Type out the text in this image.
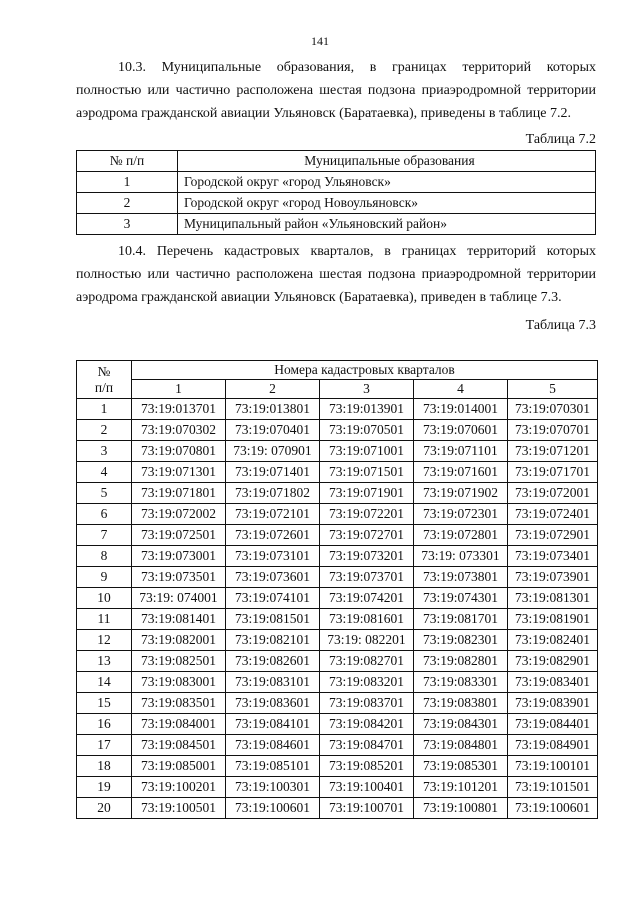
141
10.3. Муниципальные образования, в границах территорий которых
полностью или частично расположена шестая подзона приаэродромной территории
аэродрома гражданской авиации Ульяновск (Баратаевка), приведены в таблице 7.2.
Таблица 7.2
№ п/п	Муниципальные образования
1	Городской округ «город Ульяновск»
2	Городской округ «город Новоульяновск»
3	Муниципальный район «Ульяновский район»
10.4. Перечень кадастровых кварталов, в границах территорий которых
полностью или частично расположена шестая подзона приаэродромной территории
аэродрома гражданской авиации Ульяновск (Баратаевка), приведен в таблице 7.3.
Таблица 7.3
№
п/п	Номера кадастровых кварталов				
	1	2	3	4	5
1	73:19:013701	73:19:013801	73:19:013901	73:19:014001	73:19:070301
2	73:19:070302	73:19:070401	73:19:070501	73:19:070601	73:19:070701
3	73:19:070801	73:19: 070901	73:19:071001	73:19:071101	73:19:071201
4	73:19:071301	73:19:071401	73:19:071501	73:19:071601	73:19:071701
5	73:19:071801	73:19:071802	73:19:071901	73:19:071902	73:19:072001
6	73:19:072002	73:19:072101	73:19:072201	73:19:072301	73:19:072401
7	73:19:072501	73:19:072601	73:19:072701	73:19:072801	73:19:072901
8	73:19:073001	73:19:073101	73:19:073201	73:19: 073301	73:19:073401
9	73:19:073501	73:19:073601	73:19:073701	73:19:073801	73:19:073901
10	73:19: 074001	73:19:074101	73:19:074201	73:19:074301	73:19:081301
11	73:19:081401	73:19:081501	73:19:081601	73:19:081701	73:19:081901
12	73:19:082001	73:19:082101	73:19: 082201	73:19:082301	73:19:082401
13	73:19:082501	73:19:082601	73:19:082701	73:19:082801	73:19:082901
14	73:19:083001	73:19:083101	73:19:083201	73:19:083301	73:19:083401
15	73:19:083501	73:19:083601	73:19:083701	73:19:083801	73:19:083901
16	73:19:084001	73:19:084101	73:19:084201	73:19:084301	73:19:084401
17	73:19:084501	73:19:084601	73:19:084701	73:19:084801	73:19:084901
18	73:19:085001	73:19:085101	73:19:085201	73:19:085301	73:19:100101
19	73:19:100201	73:19:100301	73:19:100401	73:19:101201	73:19:101501
20	73:19:100501	73:19:100601	73:19:100701	73:19:100801	73:19:100601
